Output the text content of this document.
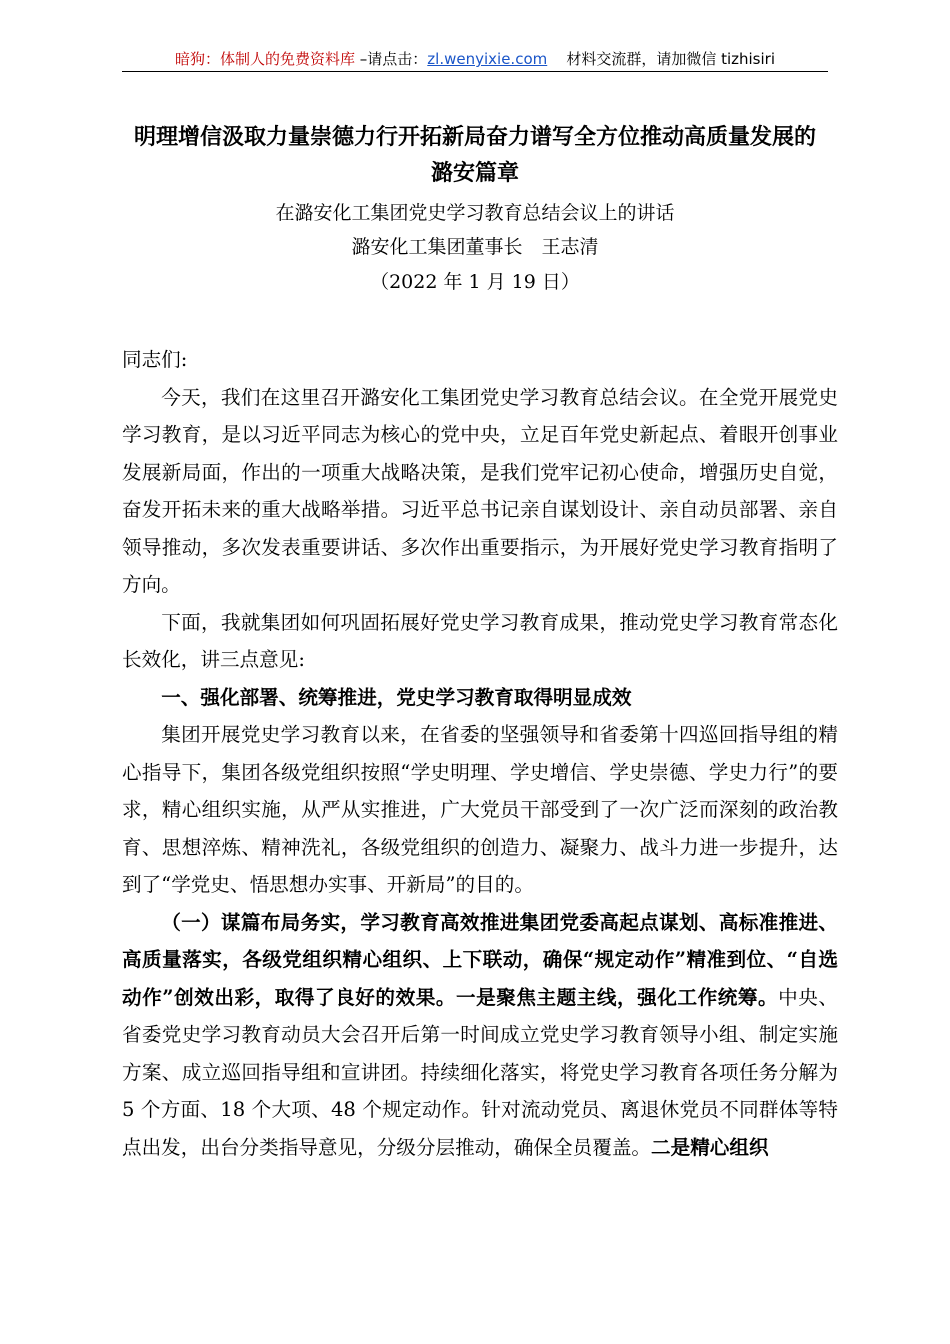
暗狗：体制人的免费资料库 –请点击：zl.wenyixie.com 材料交流群，请加微信 tizhisiri
明理增信汲取力量崇德力行开拓新局奋力谱写全方位推动高质量发展的
潞安篇章
在潞安化工集团党史学习教育总结会议上的讲话
潞安化工集团董事长　王志清
（2022 年 1 月 19 日）

同志们:

今天，我们在这里召开潞安化工集团党史学习教育总结会议。在全党开展党史学习教育，是以习近平同志为核心的党中央，立足百年党史新起点、着眼开创事业发展新局面，作出的一项重大战略决策，是我们党牢记初心使命，增强历史自觉，奋发开拓未来的重大战略举措。习近平总书记亲自谋划设计、亲自动员部署、亲自领导推动，多次发表重要讲话、多次作出重要指示，为开展好党史学习教育指明了方向。

下面，我就集团如何巩固拓展好党史学习教育成果，推动党史学习教育常态化长效化，讲三点意见:

一、强化部署、统筹推进，党史学习教育取得明显成效

集团开展党史学习教育以来，在省委的坚强领导和省委第十四巡回指导组的精心指导下，集团各级党组织按照“学史明理、学史增信、学史崇德、学史力行”的要求，精心组织实施，从严从实推进，广大党员干部受到了一次广泛而深刻的政治教育、思想淬炼、精神洗礼，各级党组织的创造力、凝聚力、战斗力进一步提升，达到了“学党史、悟思想办实事、开新局”的目的。

（一）谋篇布局务实，学习教育高效推进集团党委高起点谋划、高标准推进、高质量落实，各级党组织精心组织、上下联动，确保“规定动作”精准到位、“自选动作”创效出彩，取得了良好的效果。一是聚焦主题主线，强化工作统筹。中央、省委党史学习教育动员大会召开后第一时间成立党史学习教育领导小组、制定实施方案、成立巡回指导组和宣讲团。持续细化落实，将党史学习教育各项任务分解为 5 个方面、18 个大项、48 个规定动作。针对流动党员、离退休党员不同群体等特点出发，出台分类指导意见，分级分层推动，确保全员覆盖。二是精心组织
